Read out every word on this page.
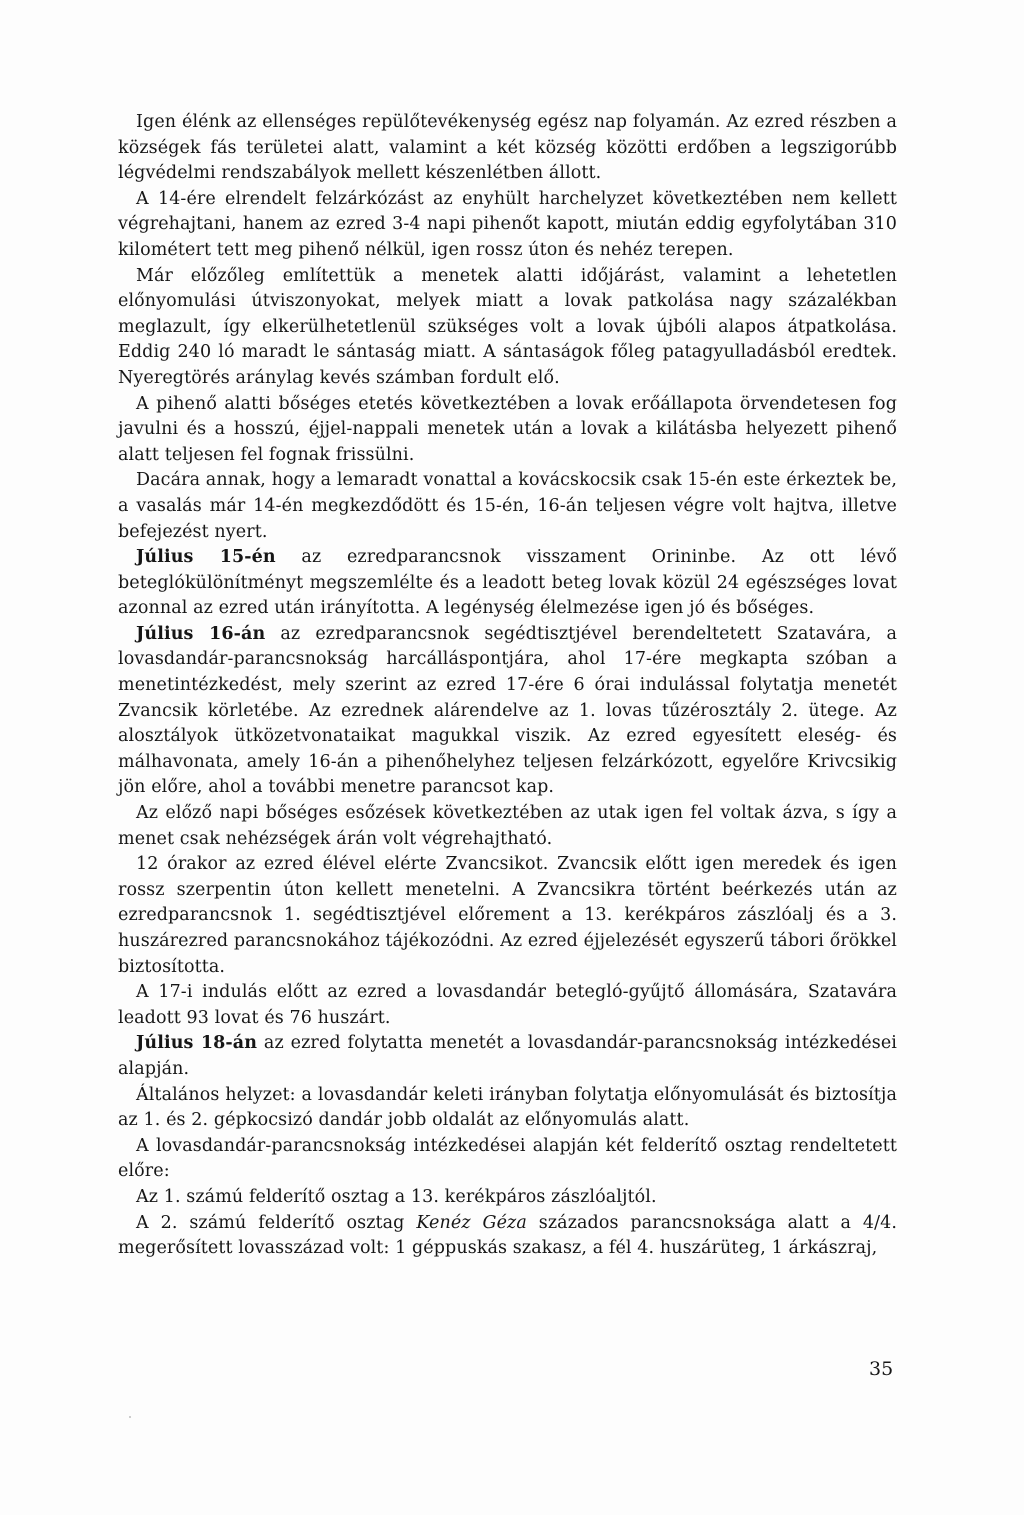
Igen élénk az ellenséges repülőtevékenység egész nap folyamán. Az ezred részben a községek fás területei alatt, valamint a két község közötti erdőben a legszigorúbb légvédelmi rendszabályok mellett készenlétben állott.

A 14-ére elrendelt felzárkózást az enyhült harchelyzet következtében nem kellett végrehajtani, hanem az ezred 3-4 napi pihenőt kapott, miután eddig egyfolytában 310 kilométert tett meg pihenő nélkül, igen rossz úton és nehéz terepen.

Már előzőleg említettük a menetek alatti időjárást, valamint a lehetetlen előnyomulási útviszonyokat, melyek miatt a lovak patkolása nagy százalékban meglazult, így elkerülhetetlenül szükséges volt a lovak újbóli alapos átpatkolása. Eddig 240 ló maradt le sántaság miatt. A sántaságok főleg patagyulladásból eredtek. Nyeregtörés aránylag kevés számban fordult elő.

A pihenő alatti bőséges etetés következtében a lovak erőállapota örvendetesen fog javulni és a hosszú, éjjel-nappali menetek után a lovak a kilátásba helyezett pihenő alatt teljesen fel fognak frissülni.

Dacára annak, hogy a lemaradt vonattal a kovácskocsik csak 15-én este érkeztek be, a vasalás már 14-én megkezdődött és 15-én, 16-án teljesen végre volt hajtva, illetve befejezést nyert.

Július 15-én az ezredparancsnok visszament Orininbe. Az ott lévő beteglókülönítményt megszemlélte és a leadott beteg lovak közül 24 egészséges lovat azonnal az ezred után irányította. A legénység élelmezése igen jó és bőséges.

Július 16-án az ezredparancsnok segédtisztjével berendeltetett Szatavára, a lovasdandár-parancsnokság harcálláspontjára, ahol 17-ére megkapta szóban a menetintézkedést, mely szerint az ezred 17-ére 6 órai indulással folytatja menetét Zvancsik körletébe. Az ezrednek alárendelve az 1. lovas tűzérosztály 2. ütege. Az alosztályok ütközetvonataikat magukkal viszik. Az ezred egyesített eleség- és málhavonata, amely 16-án a pihenőhelyhez teljesen felzárkózott, egyelőre Krivcsikig jön előre, ahol a további menetre parancsot kap.

Az előző napi bőséges esőzések következtében az utak igen fel voltak ázva, s így a menet csak nehézségek árán volt végrehajtható.

12 órakor az ezred élével elérte Zvancsikot. Zvancsik előtt igen meredek és igen rossz szerpentin úton kellett menetelni. A Zvancsikra történt beérkezés után az ezredparancsnok 1. segédtisztjével előrement a 13. kerékpáros zászlóalj és a 3. huszárezred parancsnokához tájékozódni. Az ezred éjjelezését egyszerű tábori őrökkel biztosította.

A 17-i indulás előtt az ezred a lovasdandár betegló-gyűjtő állomására, Szatavára leadott 93 lovat és 76 huszárt.

Július 18-án az ezred folytatta menetét a lovasdandár-parancsnokság intézkedései alapján.

Általános helyzet: a lovasdandár keleti irányban folytatja előnyomulását és biztosítja az 1. és 2. gépkocsizó dandár jobb oldalát az előnyomulás alatt.

A lovasdandár-parancsnokság intézkedései alapján két felderítő osztag rendeltetett előre:

Az 1. számú felderítő osztag a 13. kerékpáros zászlóaljtól.

A 2. számú felderítő osztag Kenéz Géza százados parancsnoksága alatt a 4/4. megerősített lovasszázad volt: 1 géppuskás szakasz, a fél 4. huszárüteg, 1 árkászraj,

35
